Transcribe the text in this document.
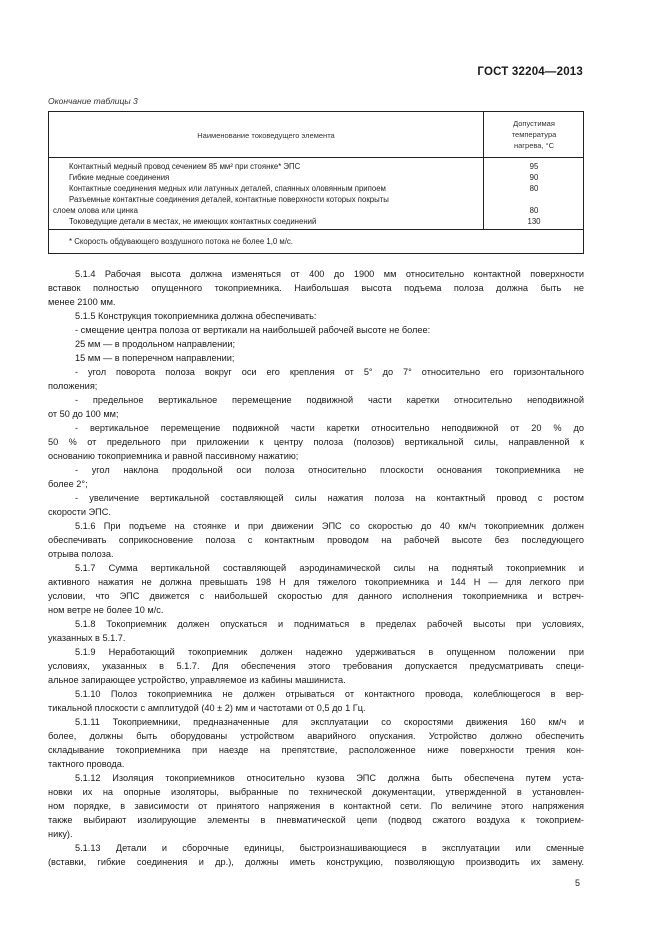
ГОСТ 32204—2013
Окончание таблицы 3
Наименование токоведущего элемента
Допустимая
температура
нагрева, °С
Контактный медный провод сечением 85 мм² при стоянке* ЭПС	95
Гибкие медные соединения	90
Контактные соединения медных или латунных деталей, спаянных оловянным припоем	80
Разъемные контактные соединения деталей, контактные поверхности которых покрыты
слоем олова или цинка	80
Токоведущие детали в местах, не имеющих контактных соединений	130
* Скорость обдувающего воздушного потока не более 1,0 м/с.
5.1.4 Рабочая высота должна изменяться от 400 до 1900 мм относительно контактной поверхности
вставок полностью опущенного токоприемника. Наибольшая высота подъема полоза должна быть не
менее 2100 мм.
5.1.5 Конструкция токоприемника должна обеспечивать:
- смещение центра полоза от вертикали на наибольшей рабочей высоте не более:
25 мм — в продольном направлении;
15 мм — в поперечном направлении;
- угол поворота полоза вокруг оси его крепления от 5° до 7° относительно его горизонтального
положения;
- предельное вертикальное перемещение подвижной части каретки относительно неподвижной
от 50 до 100 мм;
- вертикальное перемещение подвижной части каретки относительно неподвижной от 20 % до
50 % от предельного при приложении к центру полоза (полозов) вертикальной силы, направленной к
основанию токоприемника и равной пассивному нажатию;
- угол наклона продольной оси полоза относительно плоскости основания токоприемника не
более 2°;
- увеличение вертикальной составляющей силы нажатия полоза на контактный провод с ростом
скорости ЭПС.
5.1.6 При подъеме на стоянке и при движении ЭПС со скоростью до 40 км/ч токоприемник должен
обеспечивать соприкосновение полоза с контактным проводом на рабочей высоте без последующего
отрыва полоза.
5.1.7 Сумма вертикальной составляющей аэродинамической силы на поднятый токоприемник и
активного нажатия не должна превышать 198 Н для тяжелого токоприемника и 144 Н — для легкого при
условии, что ЭПС движется с наибольшей скоростью для данного исполнения токоприемника и встреч-
ном ветре не более 10 м/с.
5.1.8 Токоприемник должен опускаться и подниматься в пределах рабочей высоты при условиях,
указанных в 5.1.7.
5.1.9 Неработающий токоприемник должен надежно удерживаться в опущенном положении при
условиях, указанных в 5.1.7. Для обеспечения этого требования допускается предусматривать специ-
альное запирающее устройство, управляемое из кабины машиниста.
5.1.10 Полоз токоприемника не должен отрываться от контактного провода, колеблющегося в вер-
тикальной плоскости с амплитудой (40 ± 2) мм и частотами от 0,5 до 1 Гц.
5.1.11 Токоприемники, предназначенные для эксплуатации со скоростями движения 160 км/ч и
более, должны быть оборудованы устройством аварийного опускания. Устройство должно обеспечить
складывание токоприемника при наезде на препятствие, расположенное ниже поверхности трения кон-
тактного провода.
5.1.12 Изоляция токоприемников относительно кузова ЭПС должна быть обеспечена путем уста-
новки их на опорные изоляторы, выбранные по технической документации, утвержденной в установлен-
ном порядке, в зависимости от принятого напряжения в контактной сети. По величине этого напряжения
также выбирают изолирующие элементы в пневматической цепи (подвод сжатого воздуха к токоприем-
нику).
5.1.13 Детали и сборочные единицы, быстроизнашивающиеся в эксплуатации или сменные
(вставки, гибкие соединения и др.), должны иметь конструкцию, позволяющую производить их замену.
5
